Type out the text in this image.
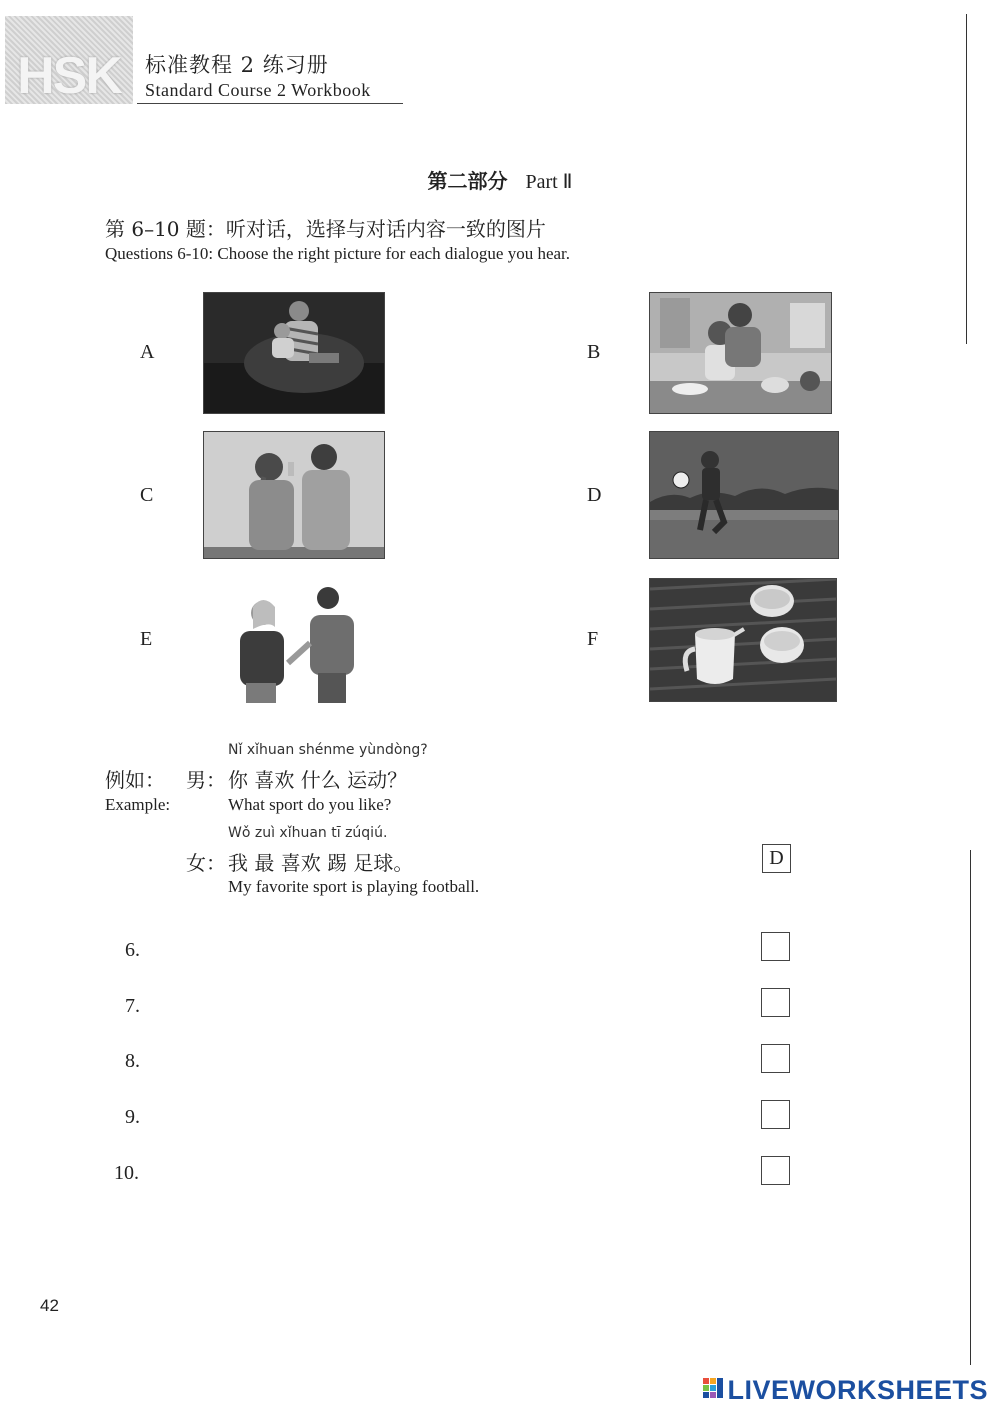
HSK 标准教程 2 练习册
Standard Course 2 Workbook
第二部分 Part Ⅱ
第 6–10 题：听对话，选择与对话内容一致的图片
Questions 6-10: Choose the right picture for each dialogue you hear.
A	B
C	D
E	F
Nǐ xǐhuan shénme yùndòng?
例如： 男： 你 喜欢 什么 运动？
Example:	What sport do you like?
Wǒ zuì xǐhuan tī zúqiú.
女： 我 最 喜欢 踢 足球。
My favorite sport is playing football.
D
6.
7.
8.
9.
10.
42
LIVEWORKSHEETS
